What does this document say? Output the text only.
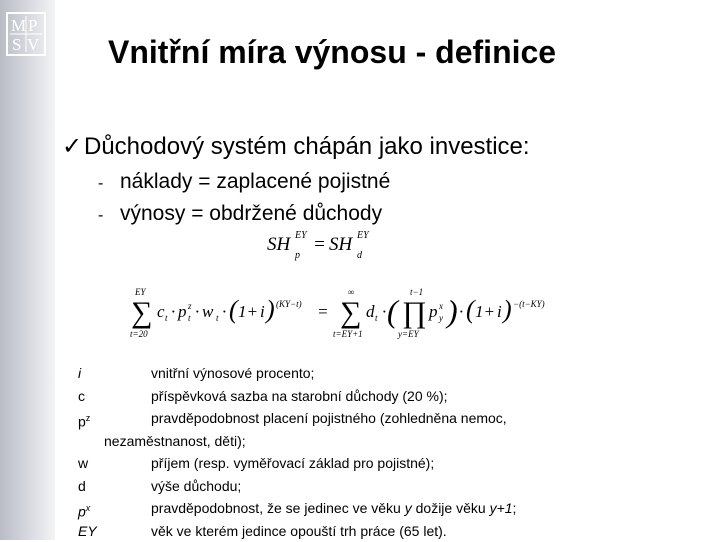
M P
S V Vnitřní míra výnosu - definice
✓Důchodový systém chápán jako investice:
- náklady = zaplacené pojistné
- výnosy = obdržené důchody
SH EY
p
= SH EY
d
EY
∑
t=20
c t · p t
z · w t · ( 1+ i ) (KY−t) =
∞
∑
t=EY+1
d t · (
t−1
∏
y=EY
p y
x ) · ( 1+ i ) −(t−KY)
i	vnitřní výnosové procento;
c	příspěvková sazba na starobní důchody (20 %);
$p^z$	pravděpodobnost placení pojistného (zohledněna nemoc,
nezaměstnanost, děti);
w	příjem (resp. vyměřovací základ pro pojistné);
d	výše důchodu;
$p^x$	pravděpodobnost, že se jedinec ve věku y dožije věku y+1;
EY	věk ve kterém jedince opouští trh práce (65 let).
